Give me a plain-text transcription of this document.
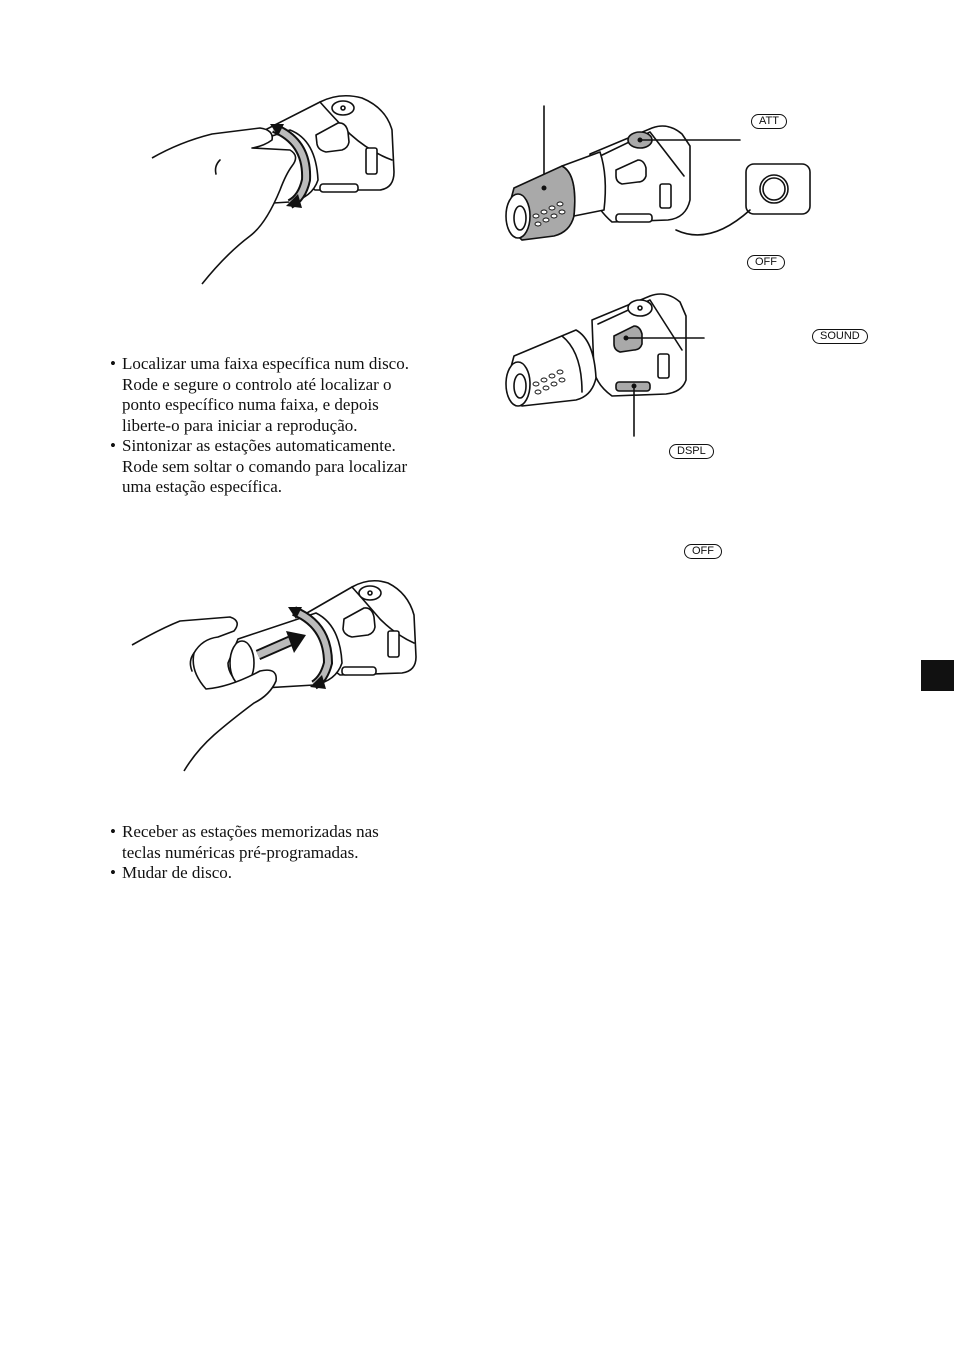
• Localizar uma faixa específica num disco.
Rode e segure o controlo até localizar o
ponto específico numa faixa, e depois
liberte-o para iniciar a reprodução.
• Sintonizar as estações automaticamente.
Rode sem soltar o comando para localizar
uma estação específica.
• Receber as estações memorizadas nas
teclas numéricas pré-programadas.
• Mudar de disco.
ATT
OFF
SOUND
DSPL
OFF
